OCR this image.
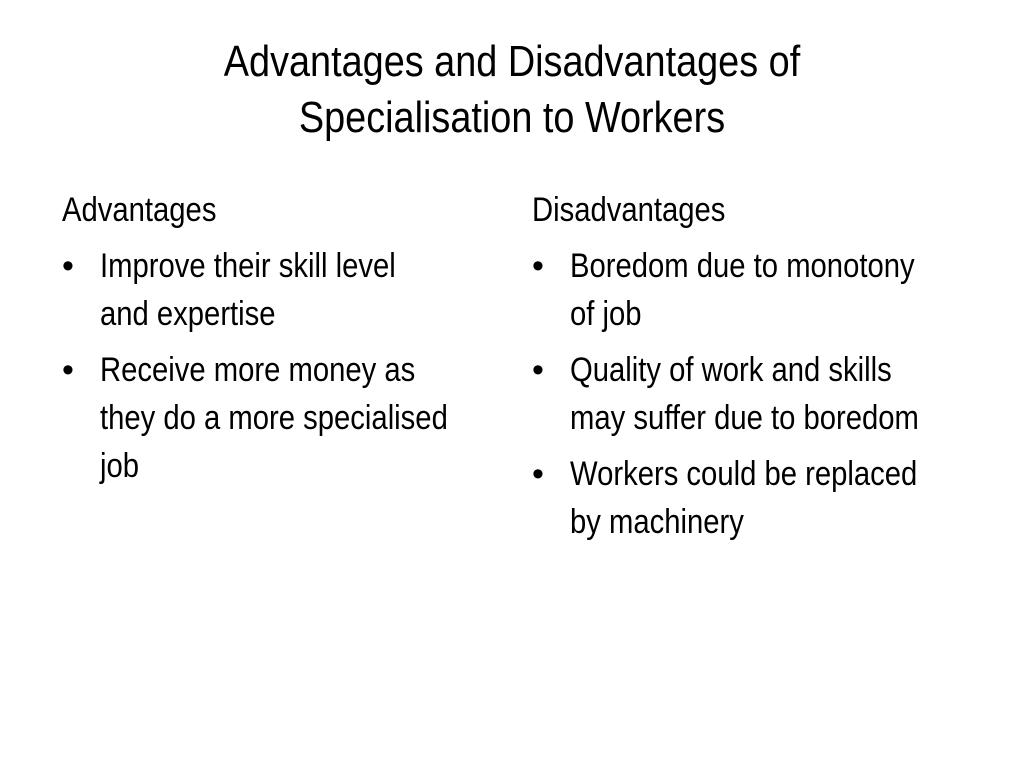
Advantages and Disadvantages of
Specialisation to Workers
Advantages
• Improve their skill level
and expertise
• Receive more money as
they do a more specialised
job
Disadvantages
• Boredom due to monotony
of job
• Quality of work and skills
may suffer due to boredom
• Workers could be replaced
by machinery
